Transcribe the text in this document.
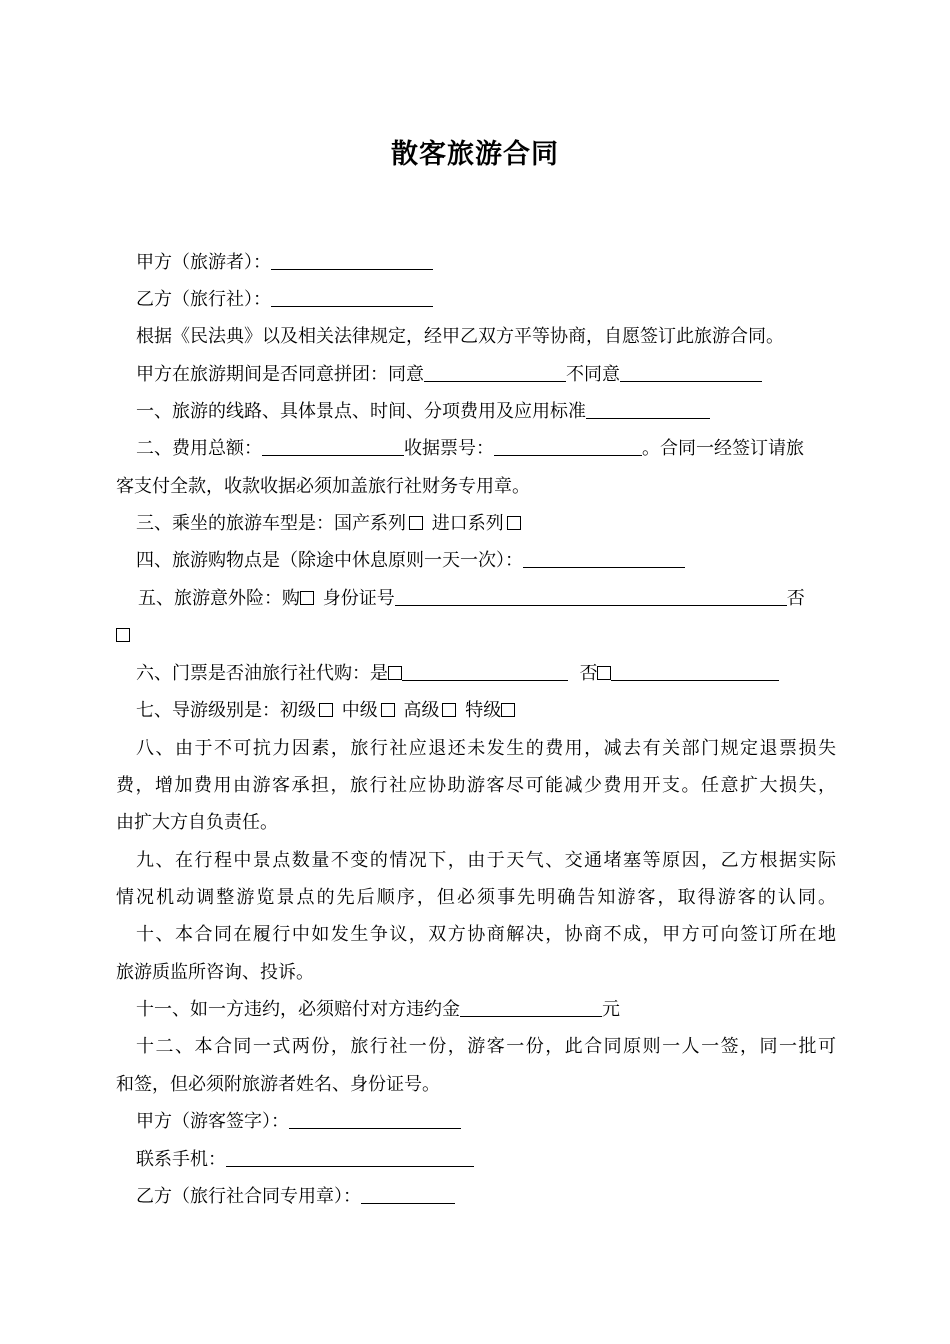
散客旅游合同
甲方（旅游者）：
乙方（旅行社）：
根据《民法典》以及相关法律规定，经甲乙双方平等协商，自愿签订此旅游合同。
甲方在旅游期间是否同意拼团：同意	不同意
一、旅游的线路、具体景点、时间、分项费用及应用标准
二、费用总额：	收据票号：	。合同一经签订请旅
客支付全款，收款收据必须加盖旅行社财务专用章。
三、乘坐的旅游车型是：国产系列 进口系列
四、旅游购物点是（除途中休息原则一天一次）：
五、旅游意外险：购 身份证号	否
六、门票是否油旅行社代购：是	否
七、导游级别是：初级 中级 高级 特级
八、由于不可抗力因素，旅行社应退还未发生的费用，减去有关部门规定退票损失
费，增加费用由游客承担，旅行社应协助游客尽可能减少费用开支。任意扩大损失，
由扩大方自负责任。
九、在行程中景点数量不变的情况下，由于天气、交通堵塞等原因，乙方根据实际
情况机动调整游览景点的先后顺序，但必须事先明确告知游客，取得游客的认同。
十、本合同在履行中如发生争议，双方协商解决，协商不成，甲方可向签订所在地
旅游质监所咨询、投诉。
十一、如一方违约，必须赔付对方违约金	元
十二、本合同一式两份，旅行社一份，游客一份，此合同原则一人一签，同一批可
和签，但必须附旅游者姓名、身份证号。
甲方（游客签字）：
联系手机：
乙方（旅行社合同专用章）：
